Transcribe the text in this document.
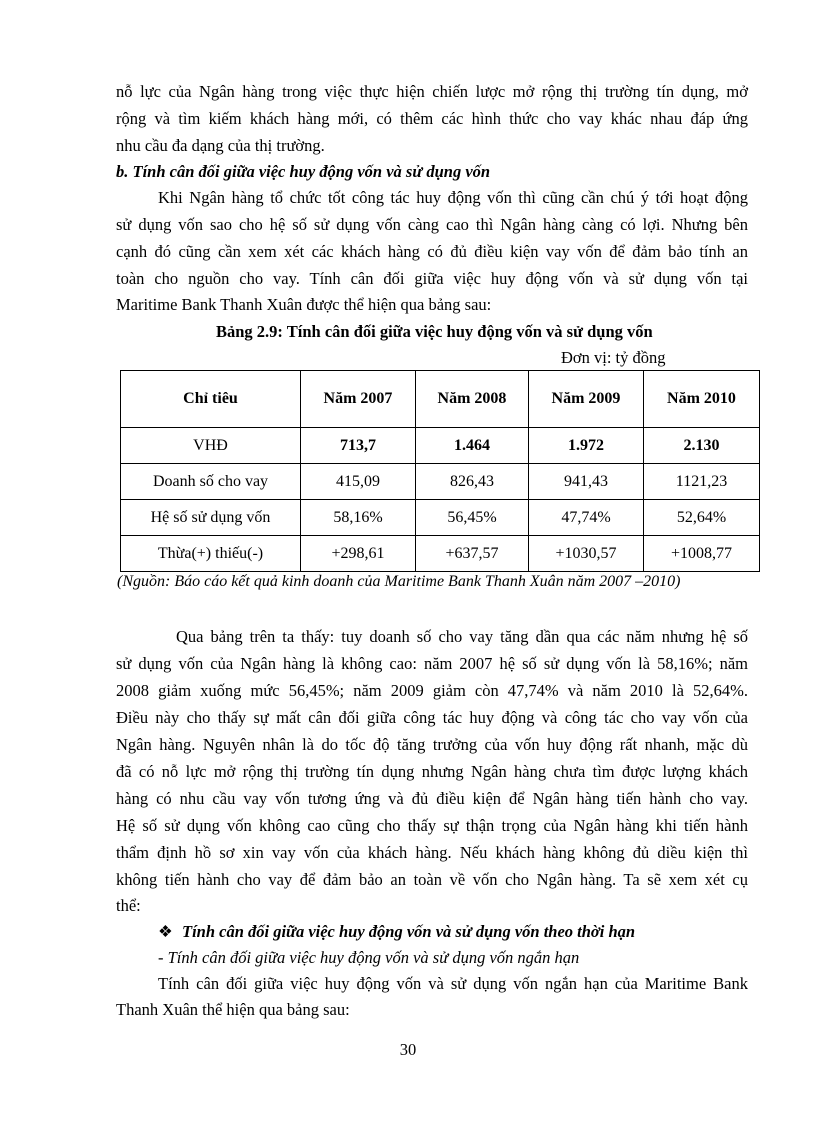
nỗ lực của Ngân hàng trong việc thực hiện chiến lược mở rộng thị trường tín dụng, mở
rộng và tìm kiếm khách hàng mới, có thêm các hình thức cho vay khác nhau đáp ứng
nhu cầu đa dạng của thị trường.
b. Tính cân đối giữa việc huy động vốn và sử dụng vốn
Khi Ngân hàng tổ chức tốt công tác huy động vốn thì cũng cần chú ý tới hoạt động
sử dụng vốn sao cho hệ số sử dụng vốn càng cao thì Ngân hàng càng có lợi. Nhưng bên
cạnh đó cũng cần xem xét các khách hàng có đủ điều kiện vay vốn để đảm bảo tính an
toàn cho nguồn cho vay. Tính cân đối giữa việc huy động vốn và sử dụng vốn tại
Maritime Bank Thanh Xuân được thể hiện qua bảng sau:
Bảng 2.9: Tính cân đối giữa việc huy động vốn và sử dụng vốn
Đơn vị: tỷ đồng
Chỉ tiêu	Năm 2007	Năm 2008	Năm 2009	Năm 2010
VHĐ	713,7	1.464	1.972	2.130
Doanh số cho vay	415,09	826,43	941,43	1121,23
Hệ số sử dụng vốn	58,16%	56,45%	47,74%	52,64%
Thừa(+) thiếu(-)	+298,61	+637,57	+1030,57	+1008,77
(Nguồn: Báo cáo kết quả kinh doanh của Maritime Bank Thanh Xuân năm 2007 –2010)
Qua bảng trên ta thấy: tuy doanh số cho vay tăng dần qua các năm nhưng hệ số
sử dụng vốn của Ngân hàng là không cao: năm 2007 hệ số sử dụng vốn là 58,16%; năm
2008 giảm xuống mức 56,45%; năm 2009 giảm còn 47,74% và năm 2010 là 52,64%.
Điều này cho thấy sự mất cân đối giữa công tác huy động và công tác cho vay vốn của
Ngân hàng. Nguyên nhân là do tốc độ tăng trưởng của vốn huy động rất nhanh, mặc dù
đã có nỗ lực mở rộng thị trường tín dụng nhưng Ngân hàng chưa tìm được lượng khách
hàng có nhu cầu vay vốn tương ứng và đủ điều kiện để Ngân hàng tiến hành cho vay.
Hệ số sử dụng vốn không cao cũng cho thấy sự thận trọng của Ngân hàng khi tiến hành
thẩm định hồ sơ xin vay vốn của khách hàng. Nếu khách hàng không đủ diều kiện thì
không tiến hành cho vay để đảm bảo an toàn về vốn cho Ngân hàng. Ta sẽ xem xét cụ
thể:
❖ Tính cân đối giữa việc huy động vốn và sử dụng vốn theo thời hạn
- Tính cân đối giữa việc huy động vốn và sử dụng vốn ngắn hạn
Tính cân đối giữa việc huy động vốn và sử dụng vốn ngắn hạn của Maritime Bank
Thanh Xuân thể hiện qua bảng sau:
30
